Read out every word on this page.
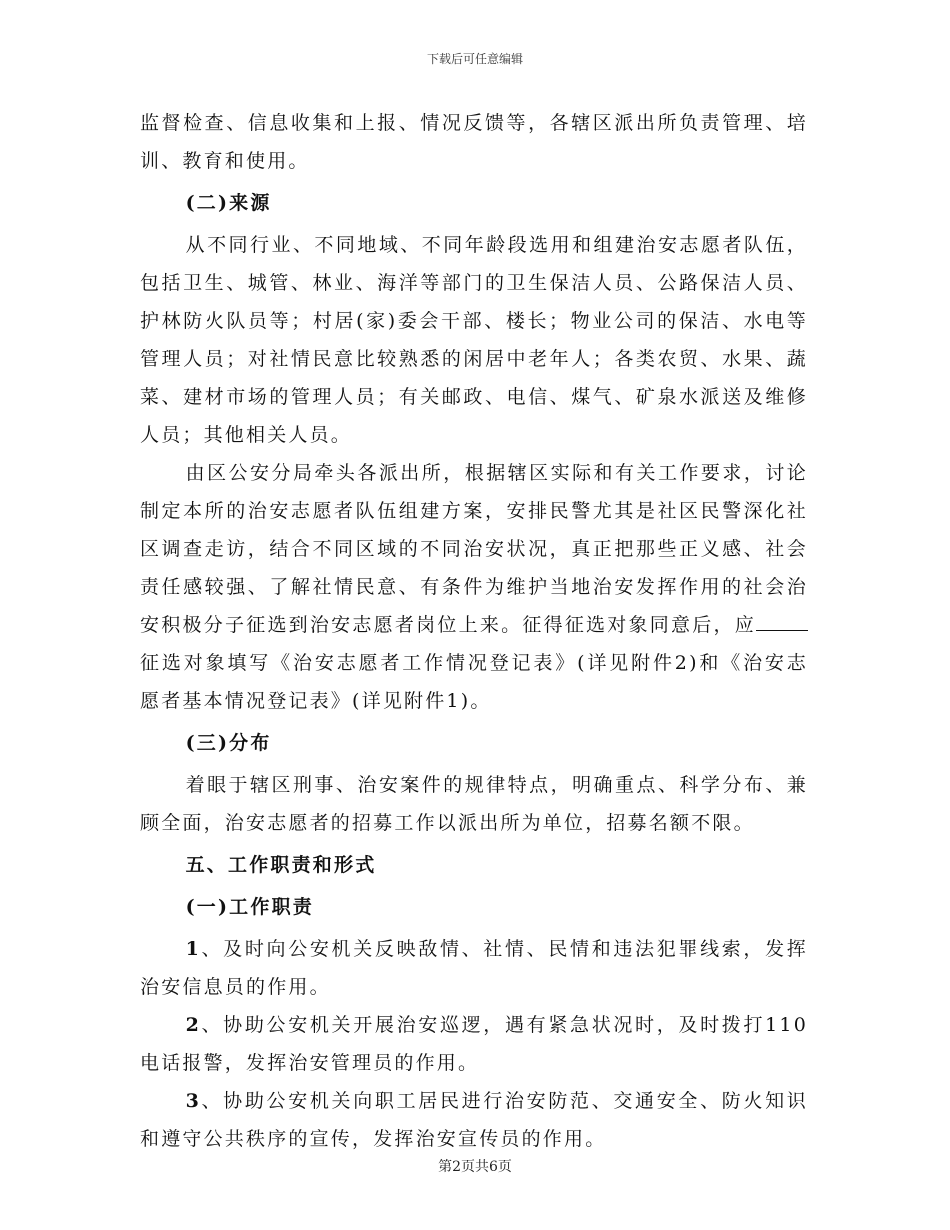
下载后可任意编辑

监督检查、信息收集和上报、情况反馈等，各辖区派出所负责管理、培训、教育和使用。

(二)来源

从不同行业、不同地域、不同年龄段选用和组建治安志愿者队伍，包括卫生、城管、林业、海洋等部门的卫生保洁人员、公路保洁人员、护林防火队员等；村居(家)委会干部、楼长；物业公司的保洁、水电等管理人员；对社情民意比较熟悉的闲居中老年人；各类农贸、水果、蔬菜、建材市场的管理人员；有关邮政、电信、煤气、矿泉水派送及维修人员；其他相关人员。

由区公安分局牵头各派出所，根据辖区实际和有关工作要求，讨论制定本所的治安志愿者队伍组建方案，安排民警尤其是社区民警深化社区调查走访，结合不同区域的不同治安状况，真正把那些正义感、社会责任感较强、了解社情民意、有条件为维护当地治安发挥作用的社会治安积极分子征选到治安志愿者岗位上来。征得征选对象同意后，应征选对象填写《治安志愿者工作情况登记表》(详见附件2)和《治安志愿者基本情况登记表》(详见附件1)。

(三)分布

着眼于辖区刑事、治安案件的规律特点，明确重点、科学分布、兼顾全面，治安志愿者的招募工作以派出所为单位，招募名额不限。

五、工作职责和形式

(一)工作职责

1、及时向公安机关反映敌情、社情、民情和违法犯罪线索，发挥治安信息员的作用。

2、协助公安机关开展治安巡逻，遇有紧急状况时，及时拨打110电话报警，发挥治安管理员的作用。

3、协助公安机关向职工居民进行治安防范、交通安全、防火知识和遵守公共秩序的宣传，发挥治安宣传员的作用。

第2页共6页
